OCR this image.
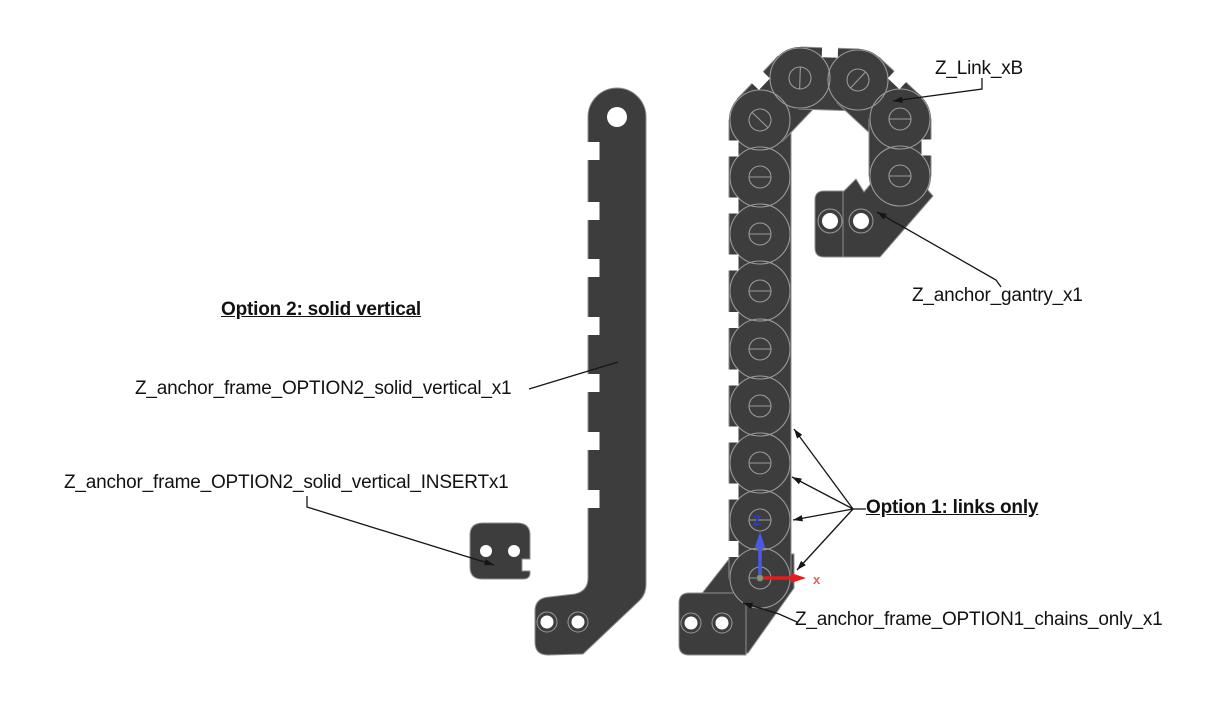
Z
x
Z_Link_xB
Z_anchor_gantry_x1
Option 2: solid vertical
Z_anchor_frame_OPTION2_solid_vertical_x1
Z_anchor_frame_OPTION2_solid_vertical_INSERTx1
Option 1: links only
Z_anchor_frame_OPTION1_chains_only_x1
